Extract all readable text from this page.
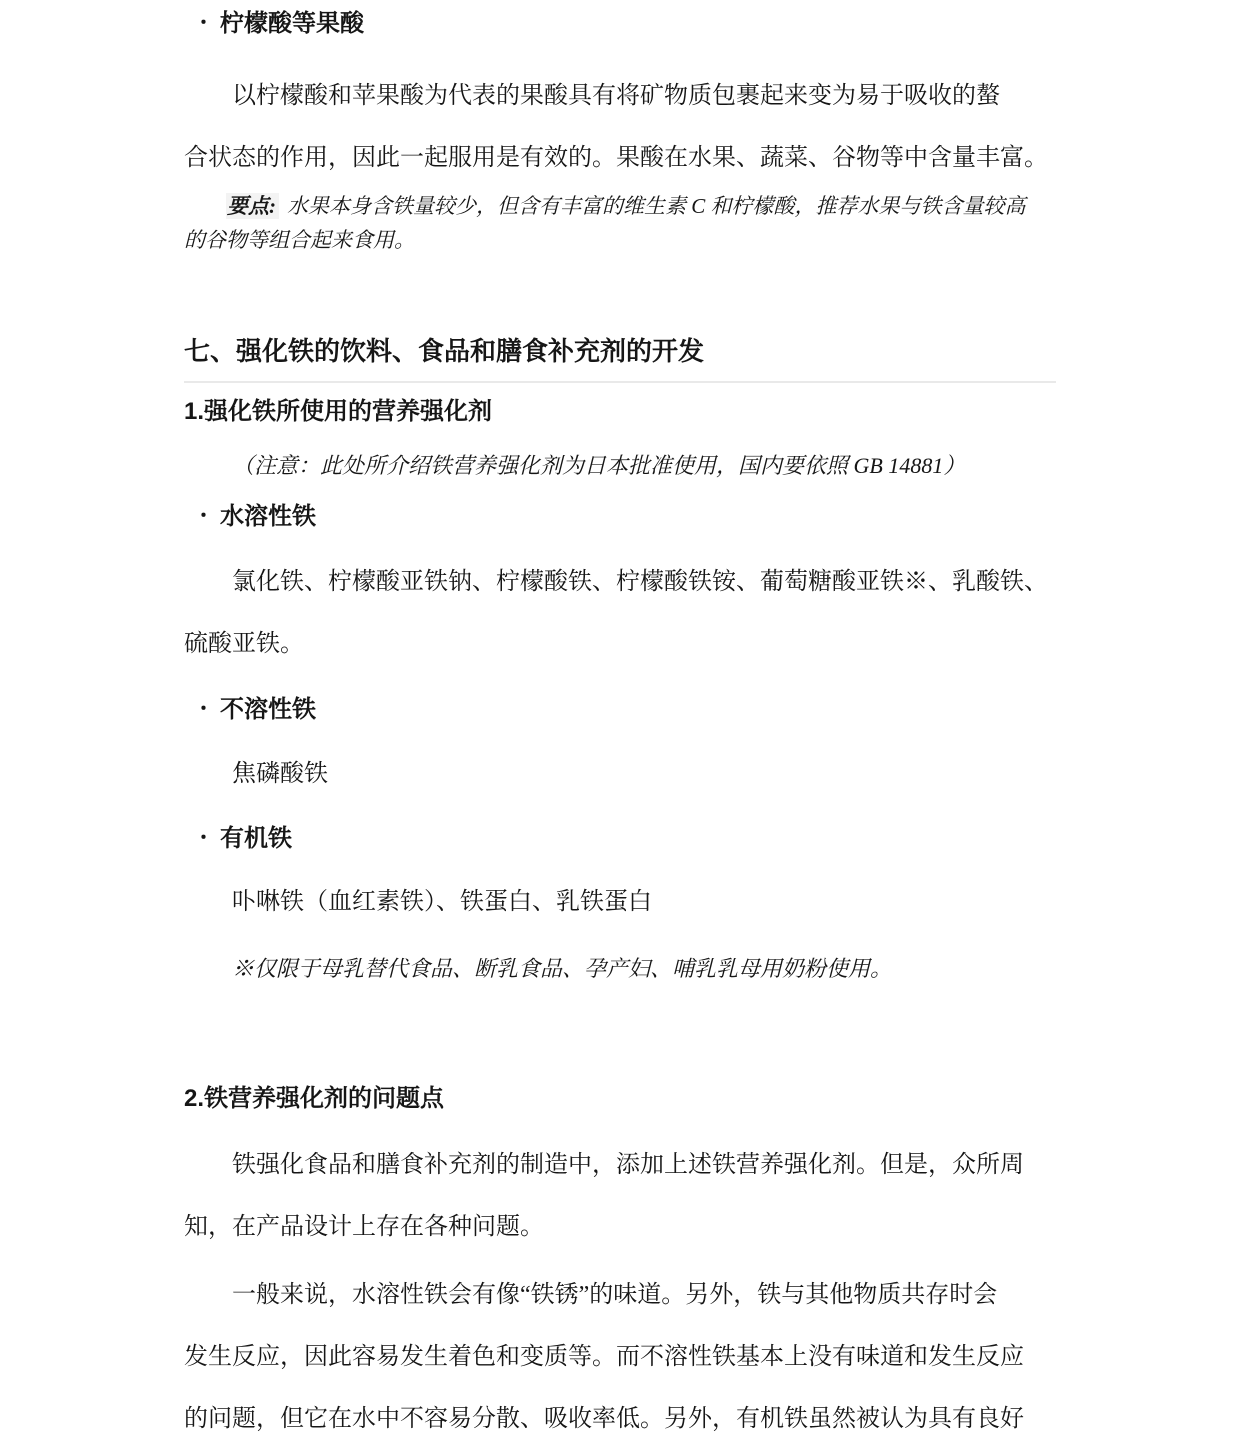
・ 柠檬酸等果酸

以柠檬酸和苹果酸为代表的果酸具有将矿物质包裹起来变为易于吸收的螯

合状态的作用，因此一起服用是有效的。果酸在水果、蔬菜、谷物等中含量丰富。

要点: 水果本身含铁量较少，但含有丰富的维生素 C 和柠檬酸，推荐水果与铁含量较高

的谷物等组合起来食用。

七、强化铁的饮料、食品和膳食补充剂的开发

1.强化铁所使用的营养强化剂

（注意：此处所介绍铁营养强化剂为日本批准使用，国内要依照 GB 14881）

・ 水溶性铁

氯化铁、柠檬酸亚铁钠、柠檬酸铁、柠檬酸铁铵、葡萄糖酸亚铁※、乳酸铁、

硫酸亚铁。

・ 不溶性铁

焦磷酸铁

・ 有机铁

卟啉铁（血红素铁）、铁蛋白、乳铁蛋白

※仅限于母乳替代食品、断乳食品、孕产妇、哺乳乳母用奶粉使用。

2.铁营养强化剂的问题点

铁强化食品和膳食补充剂的制造中，添加上述铁营养强化剂。但是，众所周

知，在产品设计上存在各种问题。

一般来说，水溶性铁会有像“铁锈”的味道。另外，铁与其他物质共存时会

发生反应，因此容易发生着色和变质等。而不溶性铁基本上没有味道和发生反应

的问题，但它在水中不容易分散、吸收率低。另外，有机铁虽然被认为具有良好
